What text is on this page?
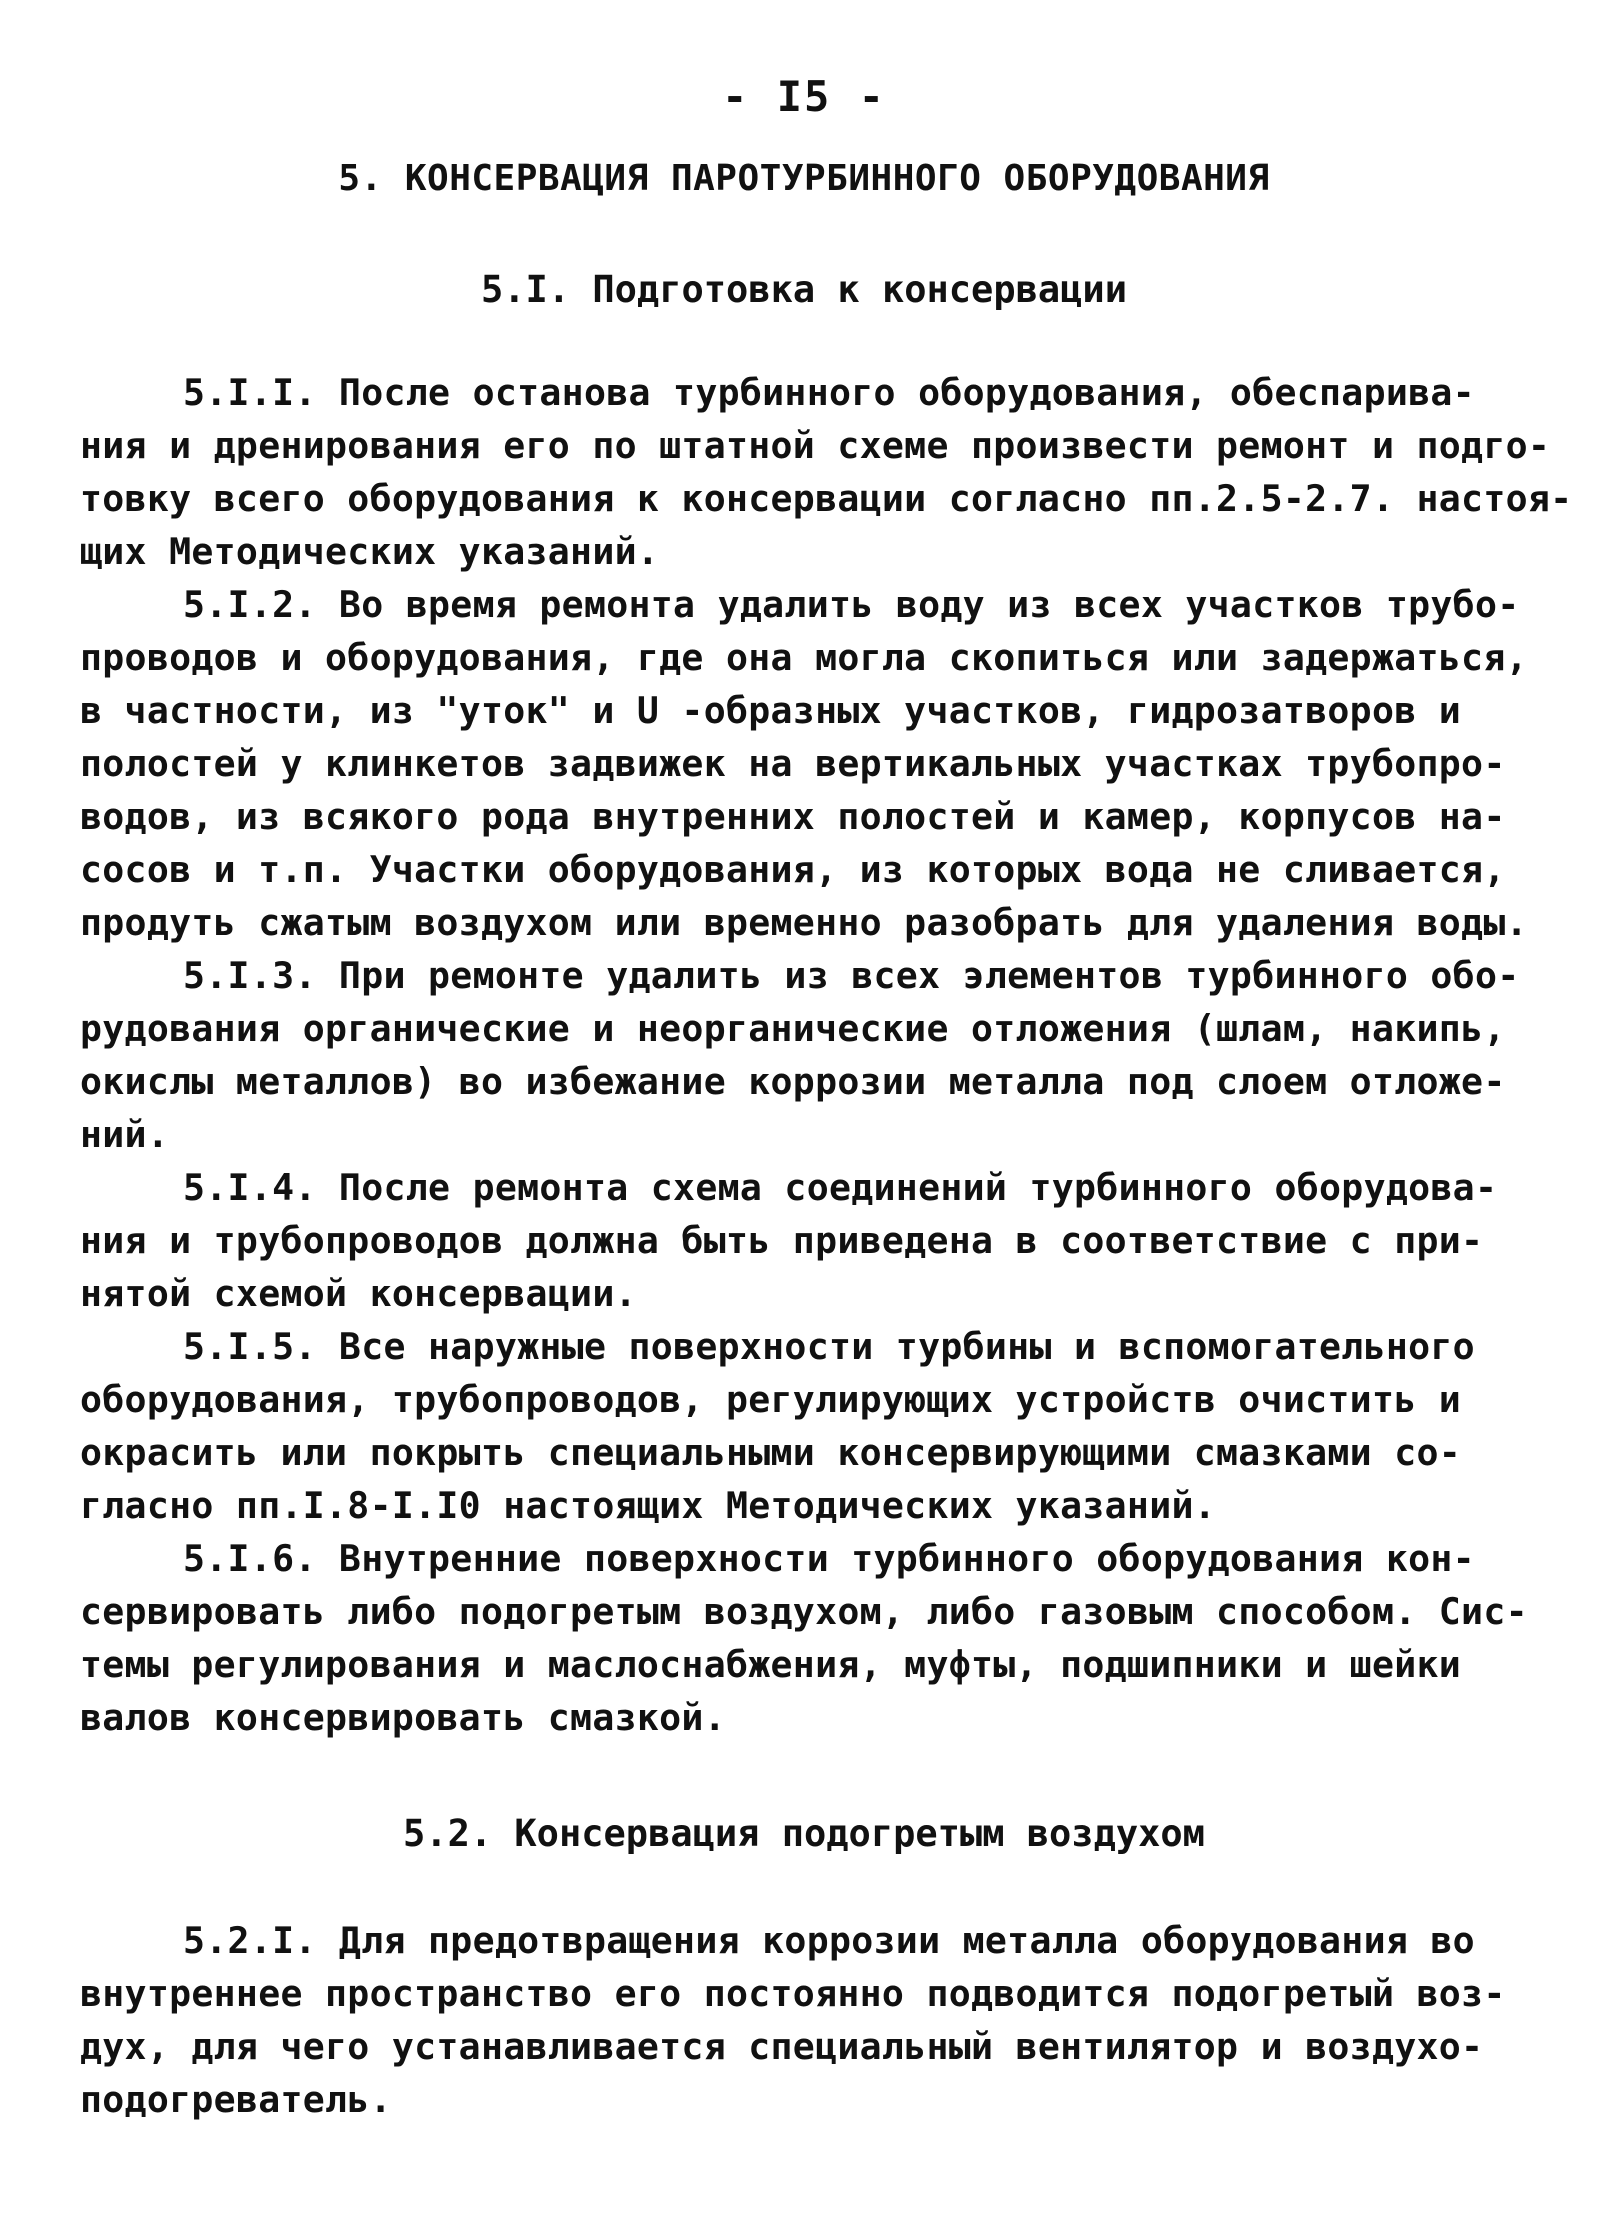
- I5 -
5. КОНСЕРВАЦИЯ ПАРОТУРБИННОГО ОБОРУДОВАНИЯ
5.I. Подготовка к консервации
5.I.I. После останова турбинного оборудования, обеспарива-
ния и дренирования его по штатной схеме произвести ремонт и подго-
товку всего оборудования к консервации согласно пп.2.5-2.7. настоя-
щих Методических указаний.
5.I.2. Во время ремонта удалить воду из всех участков трубо-
проводов и оборудования, где она могла скопиться или задержаться,
в частности, из "уток" и U -образных участков, гидрозатворов и
полостей у клинкетов задвижек на вертикальных участках трубопро-
водов, из всякого рода внутренних полостей и камер, корпусов на-
сосов и т.п. Участки оборудования, из которых вода не сливается,
продуть сжатым воздухом или временно разобрать для удаления воды.
5.I.3. При ремонте удалить из всех элементов турбинного обо-
рудования органические и неорганические отложения (шлам, накипь,
окислы металлов) во избежание коррозии металла под слоем отложе-
ний.
5.I.4. После ремонта схема соединений турбинного оборудова-
ния и трубопроводов должна быть приведена в соответствие с при-
нятой схемой консервации.
5.I.5. Все наружные поверхности турбины и вспомогательного
оборудования, трубопроводов, регулирующих устройств очистить и
окрасить или покрыть специальными консервирующими смазками со-
гласно пп.I.8-I.I0 настоящих Методических указаний.
5.I.6. Внутренние поверхности турбинного оборудования кон-
сервировать либо подогретым воздухом, либо газовым способом. Сис-
темы регулирования и маслоснабжения, муфты, подшипники и шейки
валов консервировать смазкой.
5.2. Консервация подогретым воздухом
5.2.I. Для предотвращения коррозии металла оборудования во
внутреннее пространство его постоянно подводится подогретый воз-
дух, для чего устанавливается специальный вентилятор и воздухо-
подогреватель.
